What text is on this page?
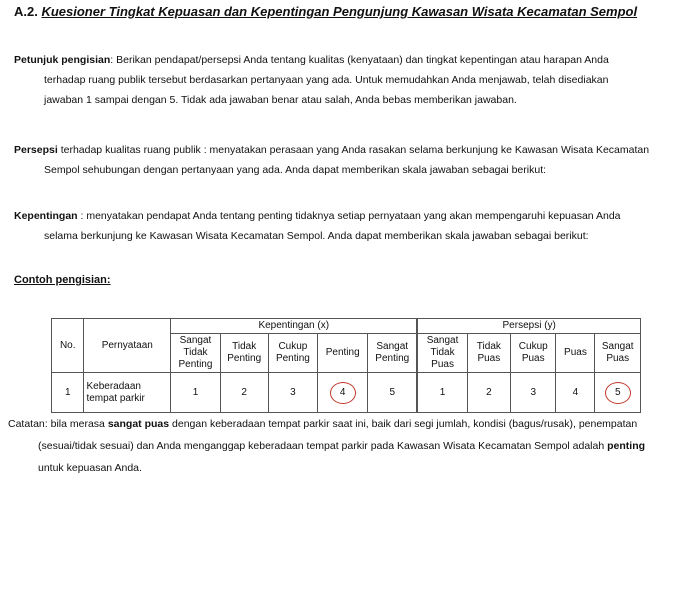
A.2. Kuesioner Tingkat Kepuasan dan Kepentingan Pengunjung Kawasan Wisata Kecamatan Sempol

Petunjuk pengisian: Berikan pendapat/persepsi Anda tentang kualitas (kenyataan) dan tingkat kepentingan atau harapan Anda

terhadap ruang publik tersebut berdasarkan pertanyaan yang ada. Untuk memudahkan Anda menjawab, telah disediakan

jawaban 1 sampai dengan 5. Tidak ada jawaban benar atau salah, Anda bebas memberikan jawaban.

Persepsi terhadap kualitas ruang publik : menyatakan perasaan yang Anda rasakan selama berkunjung ke Kawasan Wisata Kecamatan

Sempol sehubungan dengan pertanyaan yang ada. Anda dapat memberikan skala jawaban sebagai berikut:

Kepentingan : menyatakan pendapat Anda tentang penting tidaknya setiap pernyataan yang akan mempengaruhi kepuasan Anda

selama berkunjung ke Kawasan Wisata Kecamatan Sempol. Anda dapat memberikan skala jawaban sebagai berikut:

Contoh pengisian:
No.	Pernyataan	Kepentingan (x)					Persepsi (y)				
		Sangat Tidak Penting	Tidak Penting	Cukup Penting	Penting	Sangat Penting	Sangat Tidak Puas	Tidak Puas	Cukup Puas	Puas	Sangat Puas
1	Keberadaan tempat parkir	1	2	3	4	5	1	2	3	4	5

Catatan: bila merasa sangat puas dengan keberadaan tempat parkir saat ini, baik dari segi jumlah, kondisi (bagus/rusak), penempatan

(sesuai/tidak sesuai) dan Anda menganggap keberadaan tempat parkir pada Kawasan Wisata Kecamatan Sempol adalah penting

untuk kepuasan Anda.
